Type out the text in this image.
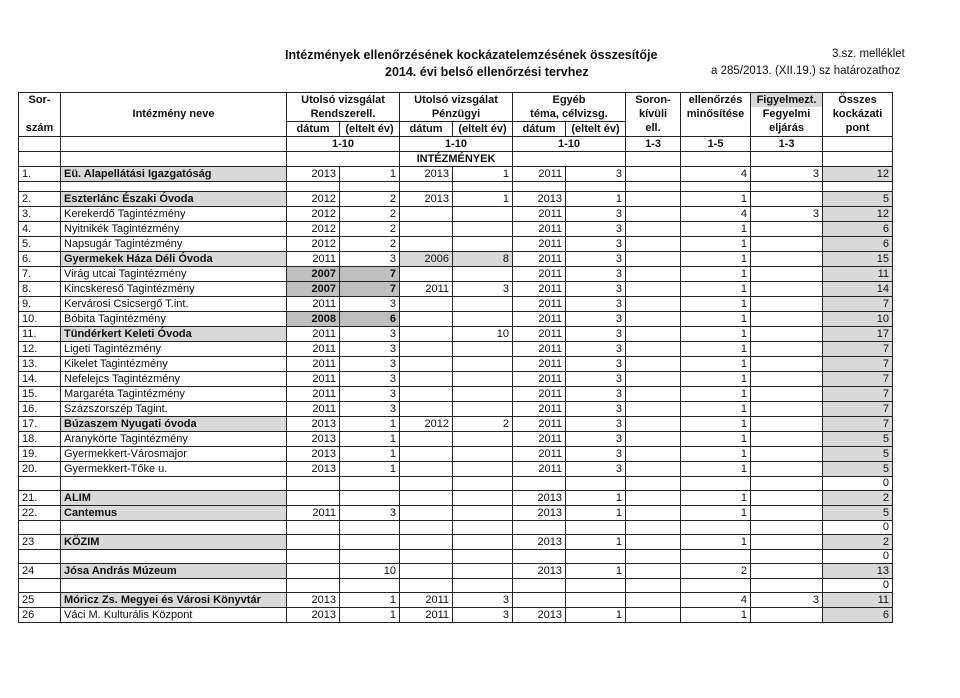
Intézmények ellenőrzésének kockázatelemzésének összesítője
2014. évi belső ellenőrzési tervhez
3.sz. melléklet
a 285/2013. (XII.19.) sz határozathoz
Sor-	Intézmény neve	Utolsó vizsgálat		Utolsó vizsgálat		Egyéb		Soron-	ellenőrzés	Figyelmezt.	Összes
		Rendszerell.		Pénzügyi		téma, célvizsg.		kívüli	minősítése	Fegyelmi	kockázati
szám		dátum	(eltelt év)	dátum	(eltelt év)	dátum	(eltelt év)	ell.		eljárás	pont
		1-10		1-10		1-10		1-3	1-5	1-3	
				INTÉZMÉNYEK							
1.	Eü. Alapellátási Igazgatóság	2013	1	2013	1	2011	3		4	3	12

2.	Eszterlánc Északi Óvoda	2012	2	2013	1	2013	1		1		5
3.	Kerekerdő Tagintézmény	2012	2			2011	3		4	3	12
4.	Nyitnikék Tagintézmény	2012	2			2011	3		1		6
5.	Napsugár Tagintézmény	2012	2			2011	3		1		6
6.	Gyermekek Háza Déli Óvoda	2011	3	2006	8	2011	3		1		15
7.	Virág utcai Tagintézmény	2007	7			2011	3		1		11
8.	Kincskereső Tagintézmény	2007	7	2011	3	2011	3		1		14
9.	Kervárosi Csicsergő T.int.	2011	3			2011	3		1		7
10.	Bóbita Tagintézmény	2008	6			2011	3		1		10
11.	Tündérkert Keleti Óvoda	2011	3		10	2011	3		1		17
12.	Ligeti Tagintézmény	2011	3			2011	3		1		7
13.	Kikelet Tagintézmény	2011	3			2011	3		1		7
14.	Nefelejcs Tagintézmény	2011	3			2011	3		1		7
15.	Margaréta Tagintézmény	2011	3			2011	3		1		7
16.	Százszorszép Tagint.	2011	3			2011	3		1		7
17.	Búzaszem Nyugati óvoda	2013	1	2012	2	2011	3		1		7
18.	Aranykörte Tagintézmény	2013	1			2011	3		1		5
19.	Gyermekkert-Városmajor	2013	1			2011	3		1		5
20.	Gyermekkert-Tőke u.	2013	1			2011	3		1		5
											0
21.	ALIM					2013	1		1		2
22.	Cantemus	2011	3			2013	1		1		5
											0
23	KÖZIM					2013	1		1		2
											0
24	Jósa András Múzeum		10			2013	1		2		13
											0
25	Móricz Zs. Megyei és Városi Könyvtár	2013	1	2011	3				4	3	11
26	Váci M. Kulturális Központ	2013	1	2011	3	2013	1		1		6
